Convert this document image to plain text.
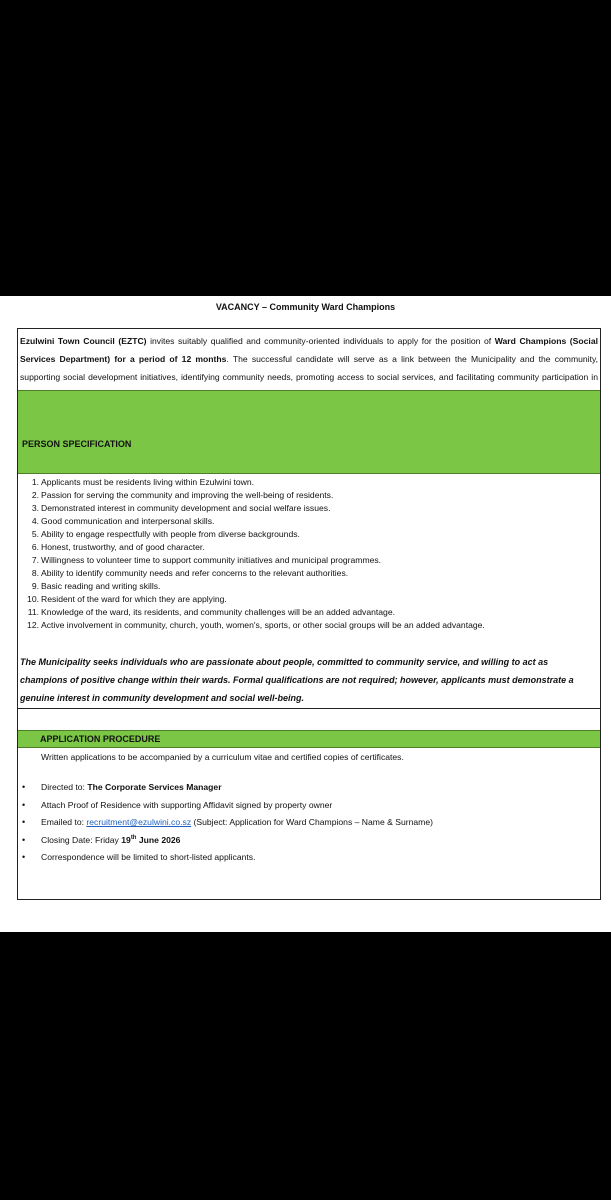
VACANCY – Community Ward Champions
Ezulwini Town Council (EZTC) invites suitably qualified and community-oriented individuals to apply for the position of Ward Champions (Social Services Department) for a period of 12 months. The successful candidate will serve as a link between the Municipality and the community, supporting social development initiatives, identifying community needs, promoting access to social services, and facilitating community participation in
PERSON SPECIFICATION
1. Applicants must be residents living within Ezulwini town.
2. Passion for serving the community and improving the well-being of residents.
3. Demonstrated interest in community development and social welfare issues.
4. Good communication and interpersonal skills.
5. Ability to engage respectfully with people from diverse backgrounds.
6. Honest, trustworthy, and of good character.
7. Willingness to volunteer time to support community initiatives and municipal programmes.
8. Ability to identify community needs and refer concerns to the relevant authorities.
9. Basic reading and writing skills.
10. Resident of the ward for which they are applying.
11. Knowledge of the ward, its residents, and community challenges will be an added advantage.
12. Active involvement in community, church, youth, women's, sports, or other social groups will be an added advantage.
The Municipality seeks individuals who are passionate about people, committed to community service, and willing to act as champions of positive change within their wards. Formal qualifications are not required; however, applicants must demonstrate a genuine interest in community development and social well-being.
APPLICATION PROCEDURE
Written applications to be accompanied by a curriculum vitae and certified copies of certificates.
• Directed to: The Corporate Services Manager
• Attach Proof of Residence with supporting Affidavit signed by property owner
• Emailed to: recruitment@ezulwini.co.sz (Subject: Application for Ward Champions – Name & Surname)
• Closing Date: Friday 19th June 2026
• Correspondence will be limited to short-listed applicants.
